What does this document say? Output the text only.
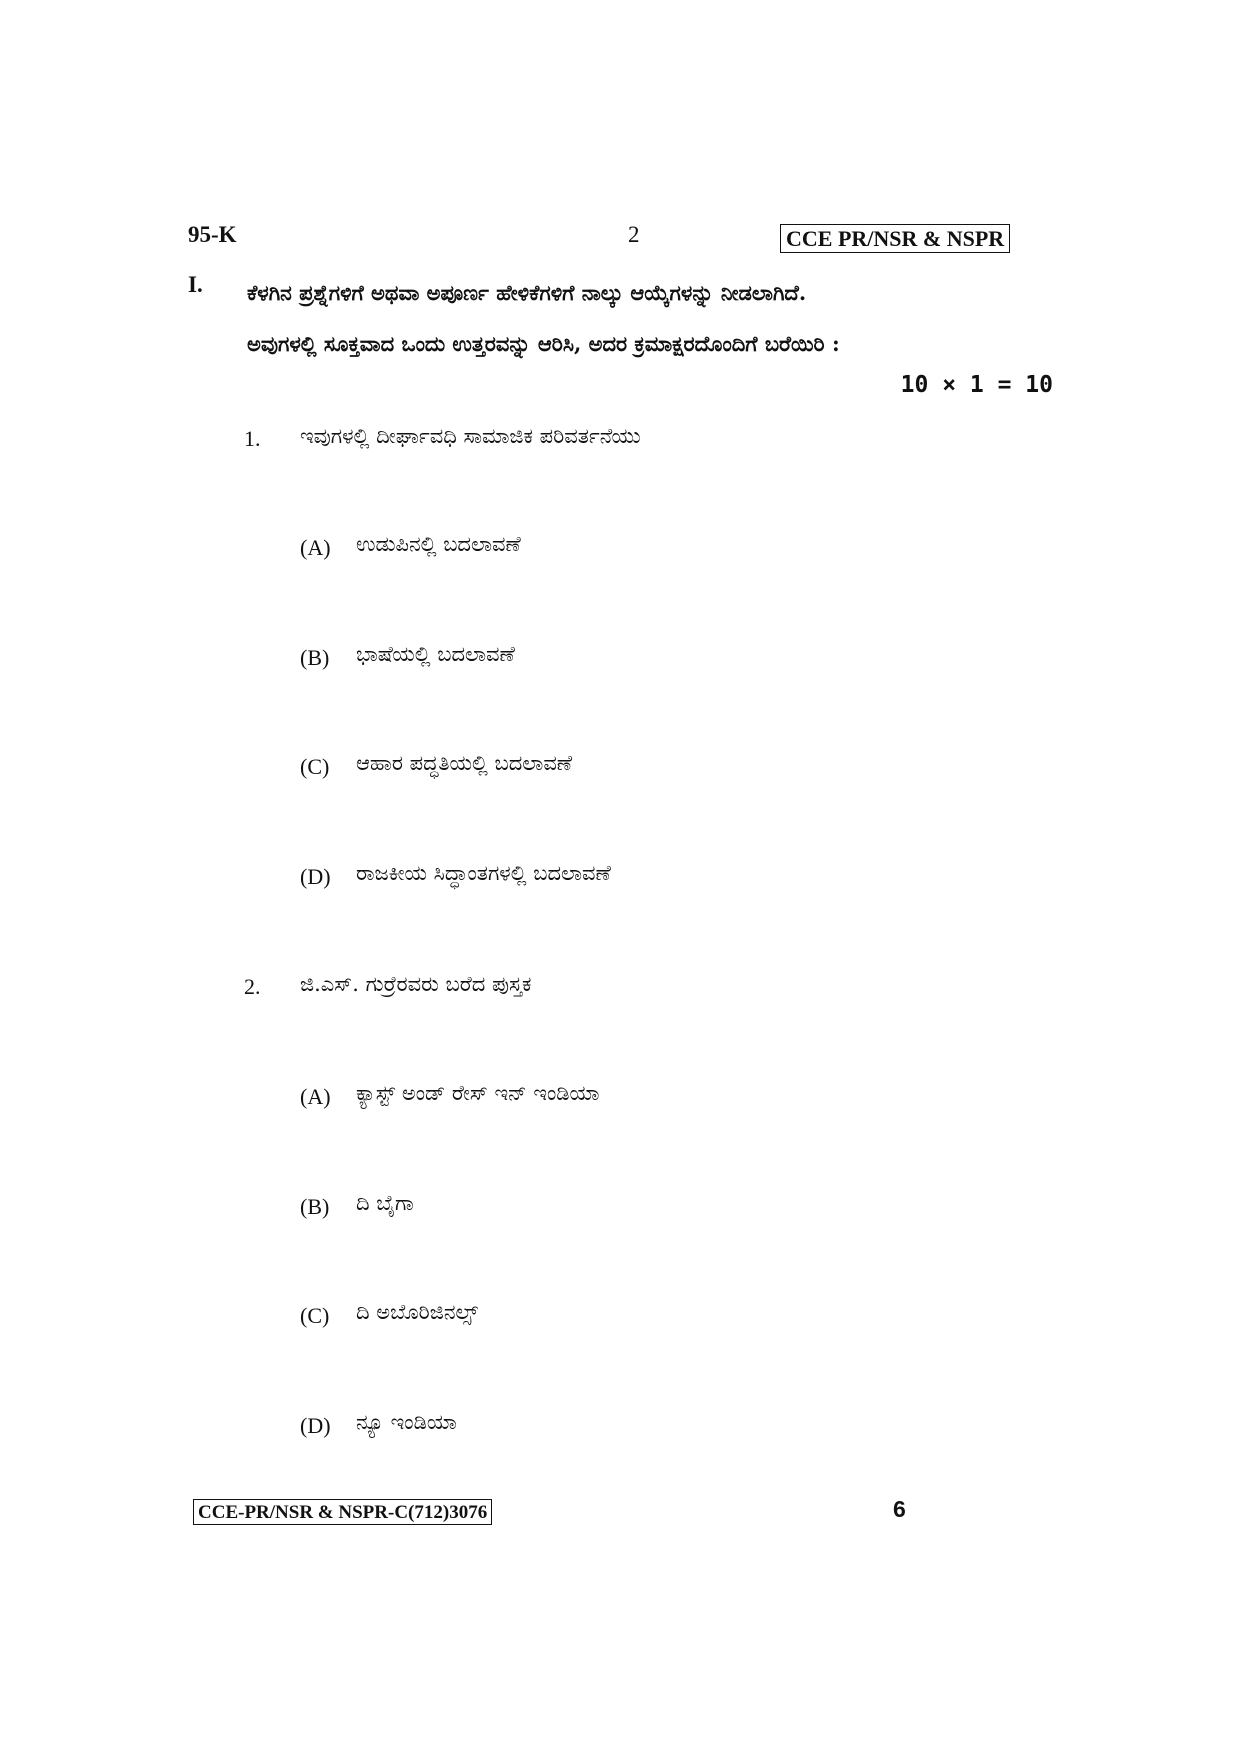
95-K	2	CCE PR/NSR & NSPR
I. ಕೆಳಗಿನ ಪ್ರಶ್ನೆಗಳಿಗೆ ಅಥವಾ ಅಪೂರ್ಣ ಹೇಳಿಕೆಗಳಿಗೆ ನಾಲ್ಕು ಆಯ್ಕೆಗಳನ್ನು ನೀಡಲಾಗಿದೆ.
ಅವುಗಳಲ್ಲಿ ಸೂಕ್ತವಾದ ಒಂದು ಉತ್ತರವನ್ನು ಆರಿಸಿ, ಅದರ ಕ್ರಮಾಕ್ಷರದೊಂದಿಗೆ ಬರೆಯಿರಿ :
10 × 1 = 10
1. ಇವುಗಳಲ್ಲಿ ದೀರ್ಘಾವಧಿ ಸಾಮಾಜಿಕ ಪರಿವರ್ತನೆಯು
(A) ಉಡುಪಿನಲ್ಲಿ ಬದಲಾವಣೆ
(B) ಭಾಷೆಯಲ್ಲಿ ಬದಲಾವಣೆ
(C) ಆಹಾರ ಪದ್ಧತಿಯಲ್ಲಿ ಬದಲಾವಣೆ
(D) ರಾಜಕೀಯ ಸಿದ್ಧಾಂತಗಳಲ್ಲಿ ಬದಲಾವಣೆ
2. ಜಿ.ಎಸ್. ಗುರ್ರೆರವರು ಬರೆದ ಪುಸ್ತಕ
(A) ಕ್ಯಾಸ್ಟ್ ಅಂಡ್ ರೇಸ್ ಇನ್ ಇಂಡಿಯಾ
(B) ದಿ ಬೈಗಾ
(C) ದಿ ಅಬೊರಿಜಿನಲ್ಸ್
(D) ನ್ಯೂ ಇಂಡಿಯಾ
CCE-PR/NSR & NSPR-C(712)3076	6
